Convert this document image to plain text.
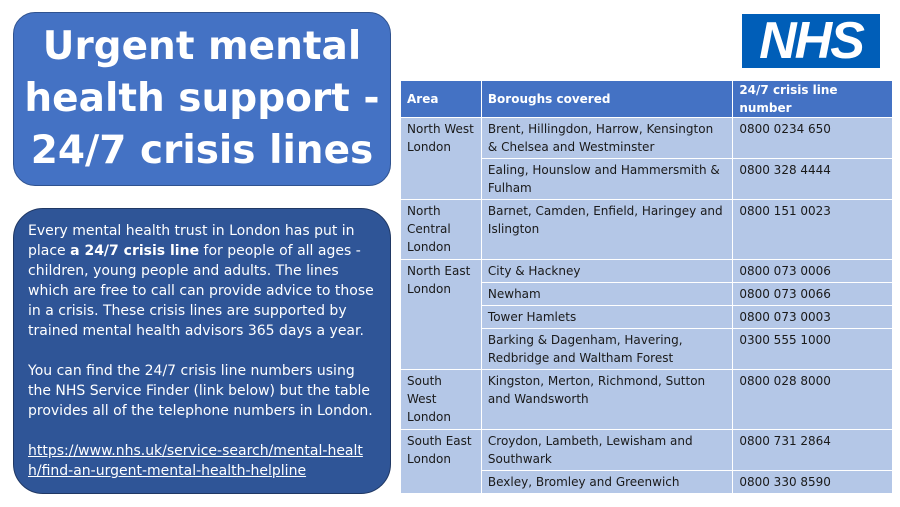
Urgent mental health support - 24/7 crisis lines

Every mental health trust in London has put in place a 24/7 crisis line for people of all ages - children, young people and adults. The lines which are free to call can provide advice to those in a crisis. These crisis lines are supported by trained mental health advisors 365 days a year.

You can find the 24/7 crisis line numbers using the NHS Service Finder (link below) but the table provides all of the telephone numbers in London.

https://www.nhs.uk/service-search/mental-health/find-an-urgent-mental-health-helpline

NHS
Area	Boroughs covered	24/7 crisis line number
North West London	Brent, Hillingdon, Harrow, Kensington & Chelsea and Westminster	0800 0234 650
	Ealing, Hounslow and Hammersmith & Fulham	0800 328 4444
North Central London	Barnet, Camden, Enfield, Haringey and Islington	0800 151 0023
North East London	City & Hackney	0800 073 0006
	Newham	0800 073 0066
	Tower Hamlets	0800 073 0003
	Barking & Dagenham, Havering, Redbridge and Waltham Forest	0300 555 1000
South West London	Kingston, Merton, Richmond, Sutton and Wandsworth	0800 028 8000
South East London	Croydon, Lambeth, Lewisham and Southwark	0800 731 2864
	Bexley, Bromley and Greenwich	0800 330 8590
